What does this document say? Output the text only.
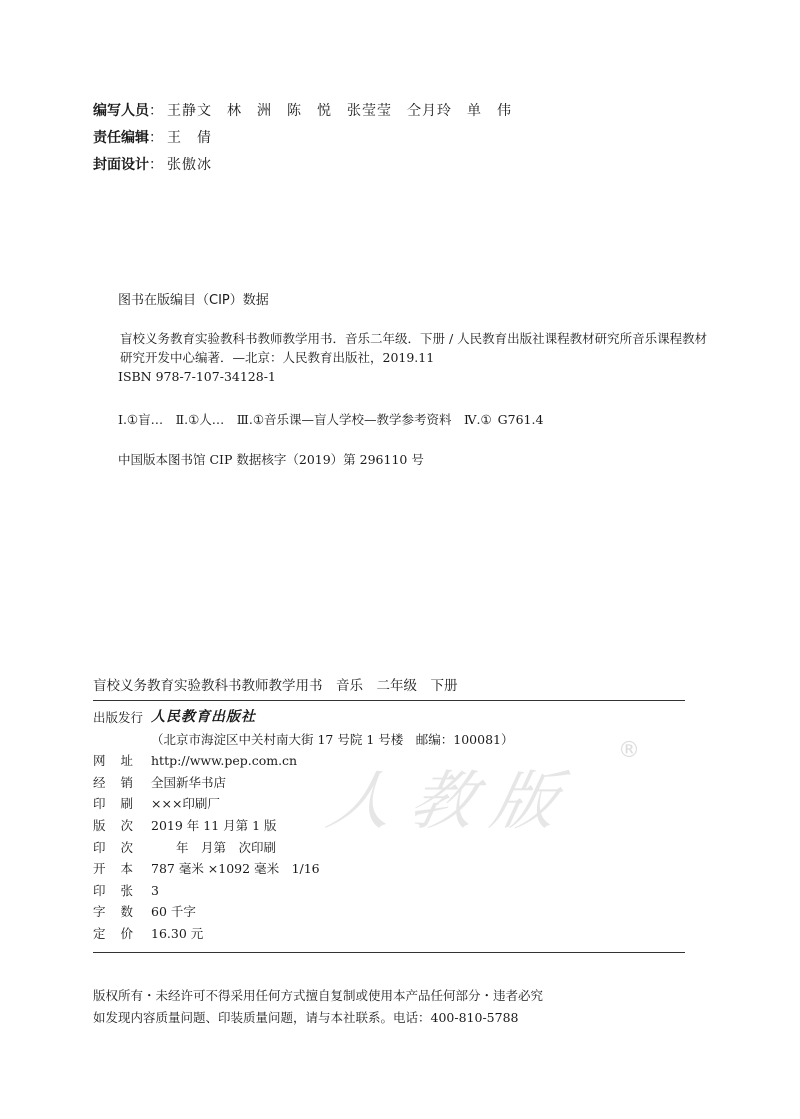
编写人员 ： 王静文　林　洲　陈　悦　张莹莹　仝月玲　单　伟
责任编辑 ： 王　倩
封面设计 ： 张傲冰

图书在版编目（CIP）数据

盲校义务教育实验教科书教师教学用书．音乐二年级．下册 / 人民教育出版社课程教材研究所音乐课程教材研究开发中心编著．—北京：人民教育出版社，2019.11

ISBN 978-7-107-34128-1

Ⅰ.①盲…　Ⅱ.①人…　Ⅲ.①音乐课—盲人学校—教学参考资料　Ⅳ.① G761.4

中国版本图书馆 CIP 数据核字（2019）第 296110 号

人教版
®
盲校义务教育实验教科书教师教学用书　音乐　二年级　下册
出版发行 人民教育出版社
（北京市海淀区中关村南大街 17 号院 1 号楼　邮编：100081）
网 址 http://www.pep.com.cn
经 销 全国新华书店
印 刷 ×××印刷厂
版 次 2019 年 11 月第 1 版
印 次 　　年　月第　次印刷
开 本 787 毫米 ×1092 毫米　1/16
印 张 3
字 数 60 千字
定 价 16.30 元
版权所有・未经许可不得采用任何方式擅自复制或使用本产品任何部分・违者必究
如发现内容质量问题、印装质量问题，请与本社联系。电话：400-810-5788
